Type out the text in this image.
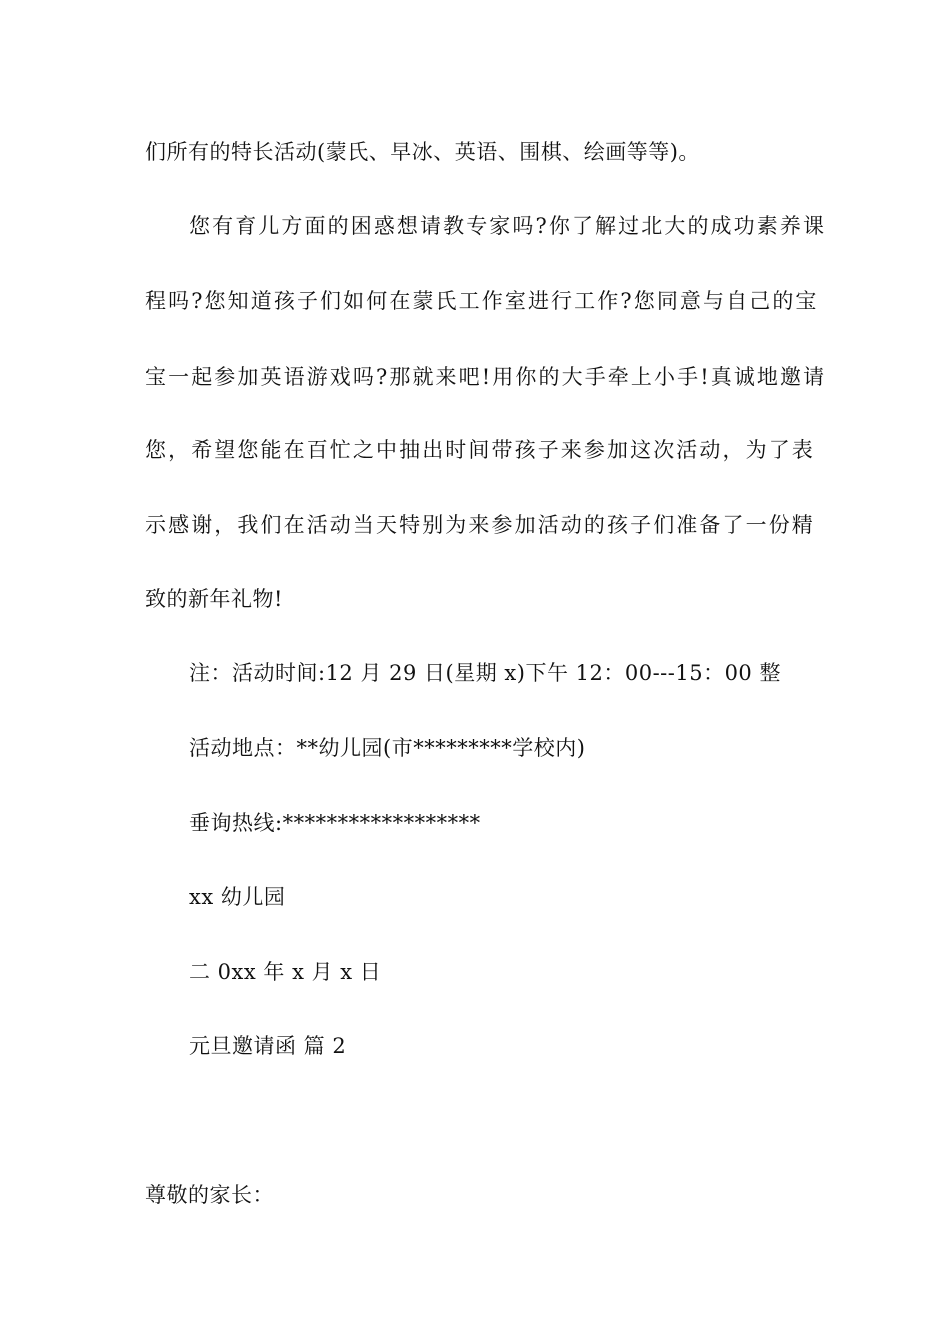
们所有的特长活动(蒙氏、早冰、英语、围棋、绘画等等)。
您有育儿方面的困惑想请教专家吗?你了解过北大的成功素养课
程吗?您知道孩子们如何在蒙氏工作室进行工作?您同意与自己的宝
宝一起参加英语游戏吗?那就来吧!用你的大手牵上小手!真诚地邀请
您，希望您能在百忙之中抽出时间带孩子来参加这次活动，为了表
示感谢，我们在活动当天特别为来参加活动的孩子们准备了一份精
致的新年礼物!
注：活动时间:12 月 29 日(星期 x)下午 12：00---15：00 整
活动地点：**幼儿园(市*********学校内)
垂询热线:******************
xx 幼儿园
二 0xx 年 x 月 x 日
元旦邀请函 篇 2
尊敬的家长：
